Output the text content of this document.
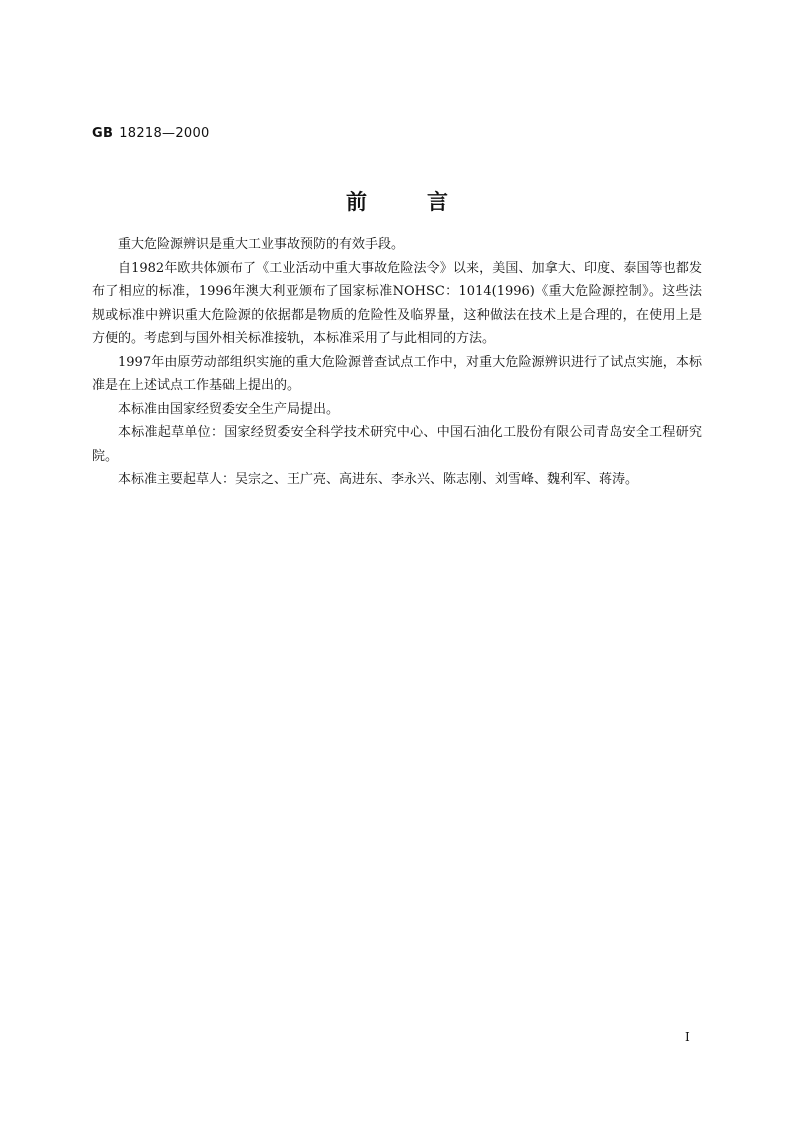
GB 18218—2000
前言

重大危险源辨识是重大工业事故预防的有效手段。

自1982年欧共体颁布了《工业活动中重大事故危险法令》以来，美国、加拿大、印度、泰国等也都发布了相应的标准，1996年澳大利亚颁布了国家标准NOHSC：1014(1996)《重大危险源控制》。这些法规或标准中辨识重大危险源的依据都是物质的危险性及临界量，这种做法在技术上是合理的，在使用上是方便的。考虑到与国外相关标准接轨，本标准采用了与此相同的方法。

1997年由原劳动部组织实施的重大危险源普查试点工作中，对重大危险源辨识进行了试点实施，本标准是在上述试点工作基础上提出的。

本标准由国家经贸委安全生产局提出。

本标准起草单位：国家经贸委安全科学技术研究中心、中国石油化工股份有限公司青岛安全工程研究院。

本标准主要起草人：吴宗之、王广亮、高进东、李永兴、陈志刚、刘雪峰、魏利军、蒋涛。

I
